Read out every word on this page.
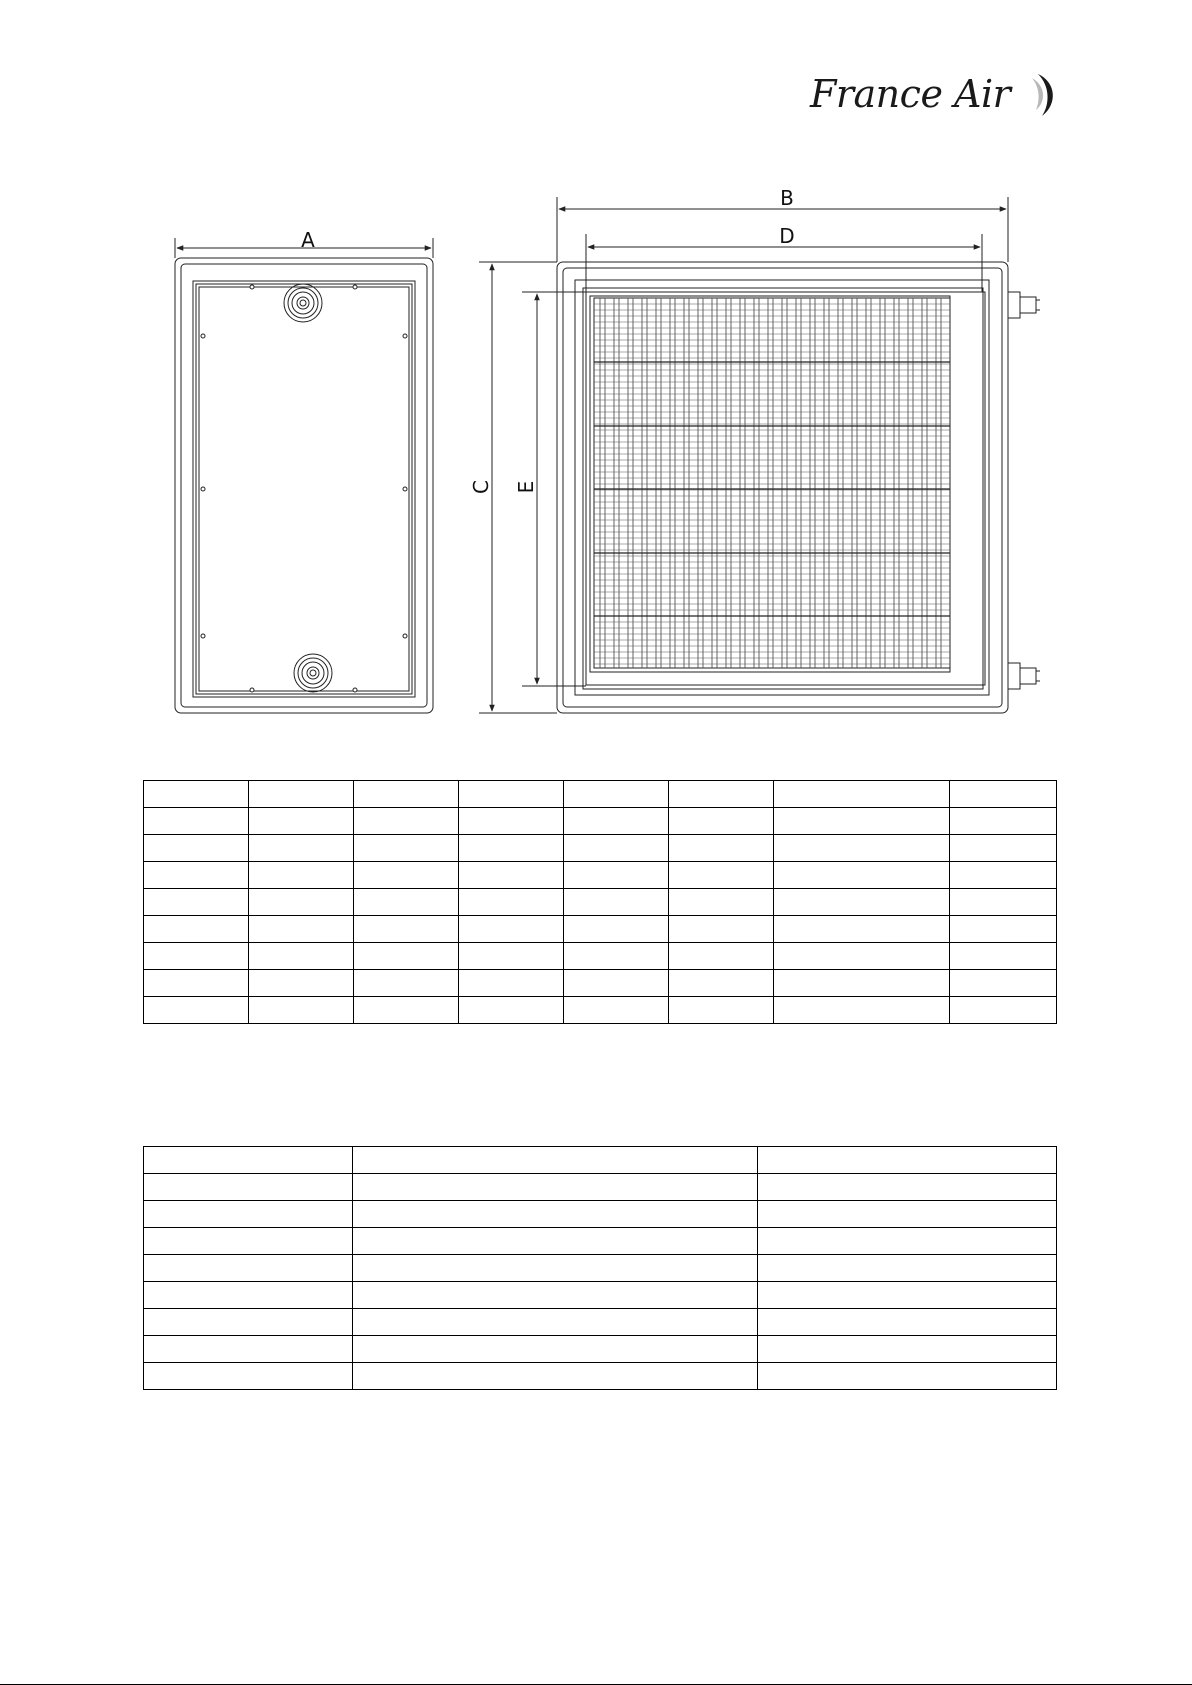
France Air
A
B
D
C E
